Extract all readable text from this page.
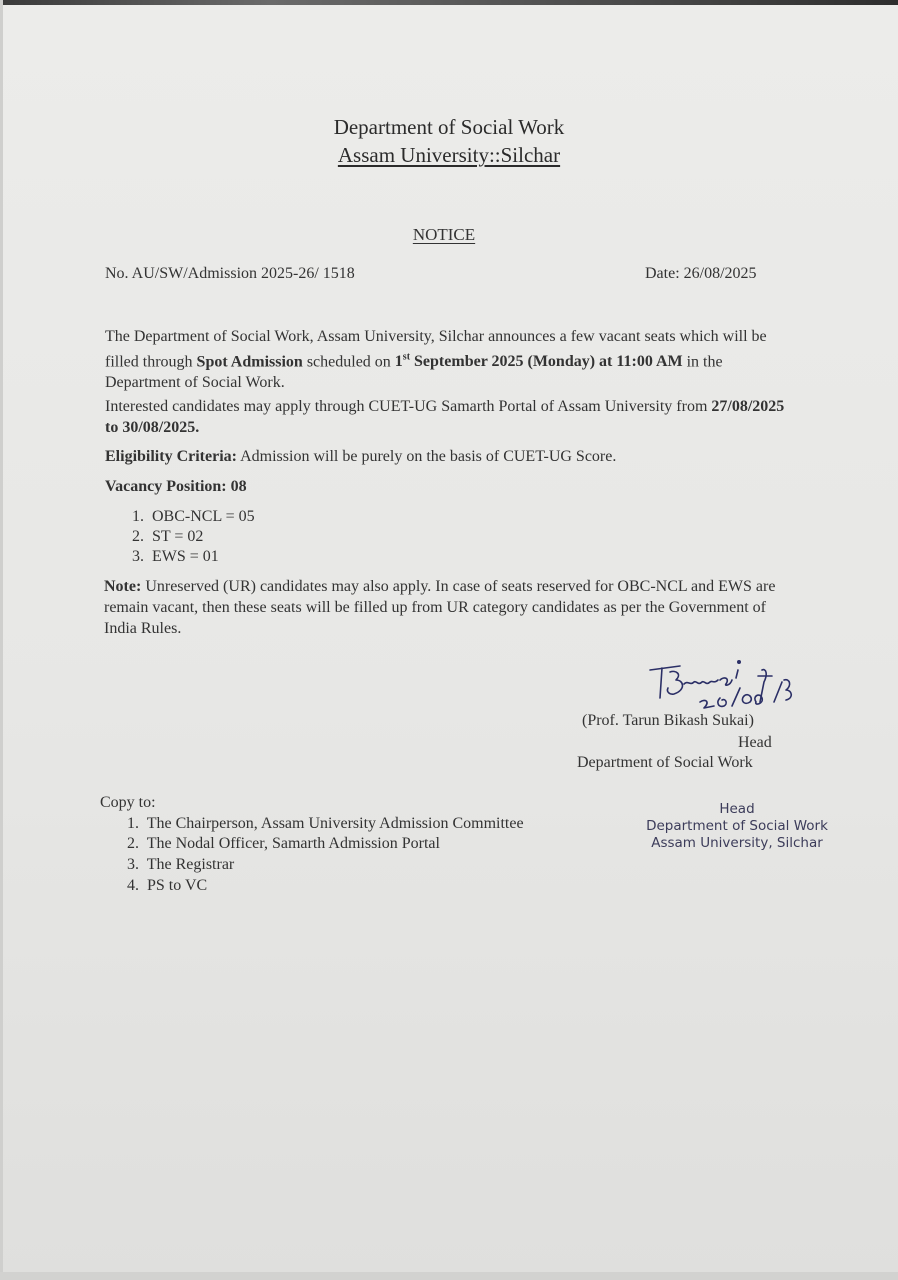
Department of Social Work
Assam University::Silchar
NOTICE
No. AU/SW/Admission 2025-26/ 1518	Date: 26/08/2025
The Department of Social Work, Assam University, Silchar announces a few vacant seats which will be filled through Spot Admission scheduled on 1st September 2025 (Monday) at 11:00 AM in the Department of Social Work.
Interested candidates may apply through CUET-UG Samarth Portal of Assam University from 27/08/2025 to 30/08/2025.
Eligibility Criteria: Admission will be purely on the basis of CUET-UG Score.
Vacancy Position: 08
1. OBC-NCL = 05
2. ST = 02
3. EWS = 01
Note: Unreserved (UR) candidates may also apply. In case of seats reserved for OBC-NCL and EWS are remain vacant, then these seats will be filled up from UR category candidates as per the Government of India Rules.
(Prof. Tarun Bikash Sukai)
Head
Department of Social Work
Copy to:
1. The Chairperson, Assam University Admission Committee
2. The Nodal Officer, Samarth Admission Portal
3. The Registrar
4. PS to VC
Head
Department of Social Work
Assam University, Silchar
